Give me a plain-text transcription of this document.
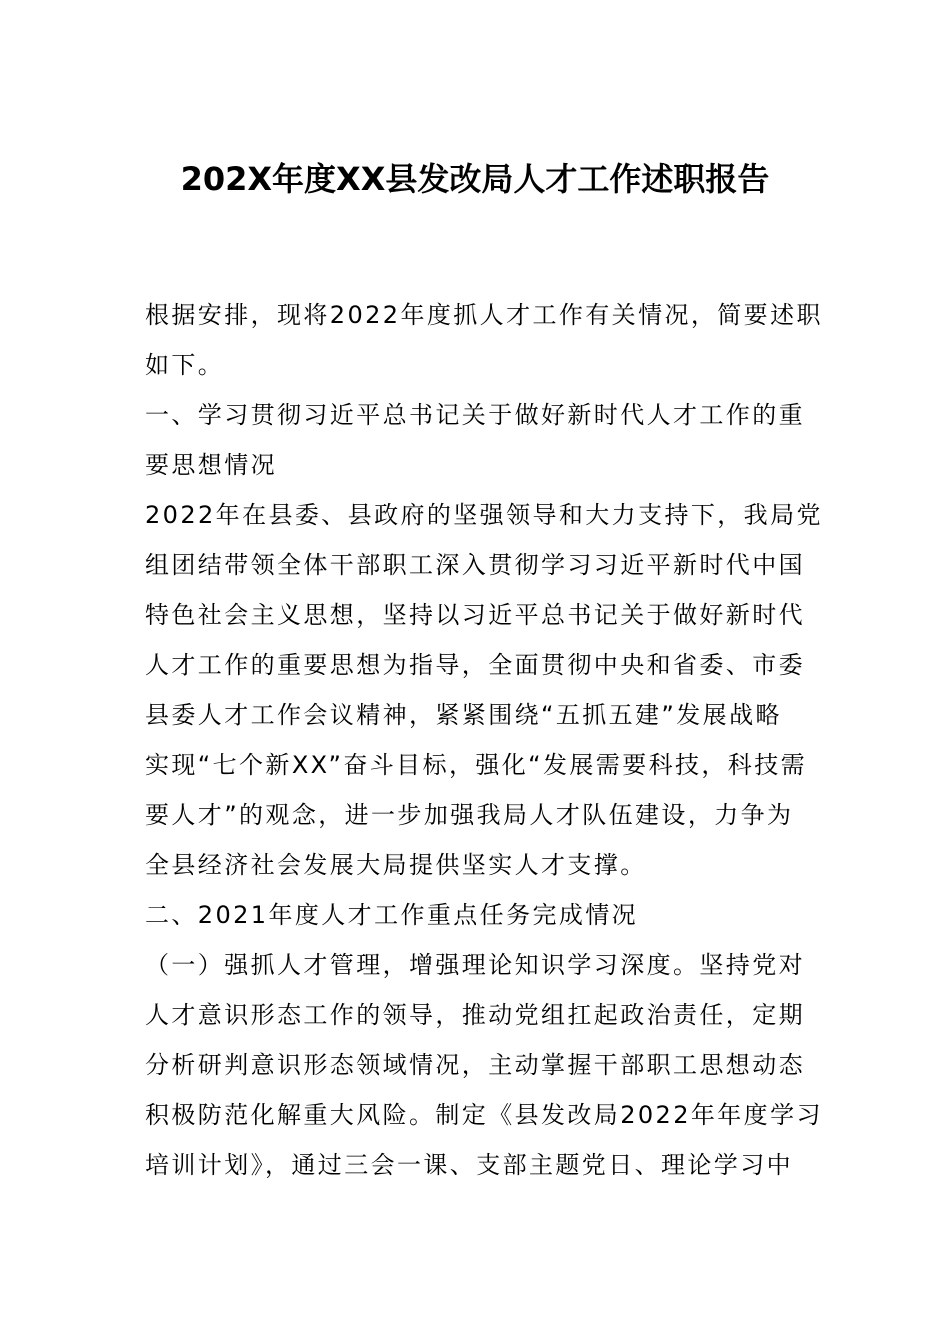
202X年度XX县发改局人才工作述职报告
根据安排，现将2022年度抓人才工作有关情况，简要述职
如下。
一、学习贯彻习近平总书记关于做好新时代人才工作的重
要思想情况
2022年在县委、县政府的坚强领导和大力支持下，我局党
组团结带领全体干部职工深入贯彻学习习近平新时代中国
特色社会主义思想，坚持以习近平总书记关于做好新时代
人才工作的重要思想为指导，全面贯彻中央和省委、市委
县委人才工作会议精神，紧紧围绕“五抓五建”发展战略
实现“七个新XX”奋斗目标，强化“发展需要科技，科技需
要人才”的观念，进一步加强我局人才队伍建设，力争为
全县经济社会发展大局提供坚实人才支撑。
二、2021年度人才工作重点任务完成情况
（一）强抓人才管理，增强理论知识学习深度。坚持党对
人才意识形态工作的领导，推动党组扛起政治责任，定期
分析研判意识形态领域情况，主动掌握干部职工思想动态
积极防范化解重大风险。制定《县发改局2022年年度学习
培训计划》，通过三会一课、支部主题党日、理论学习中
